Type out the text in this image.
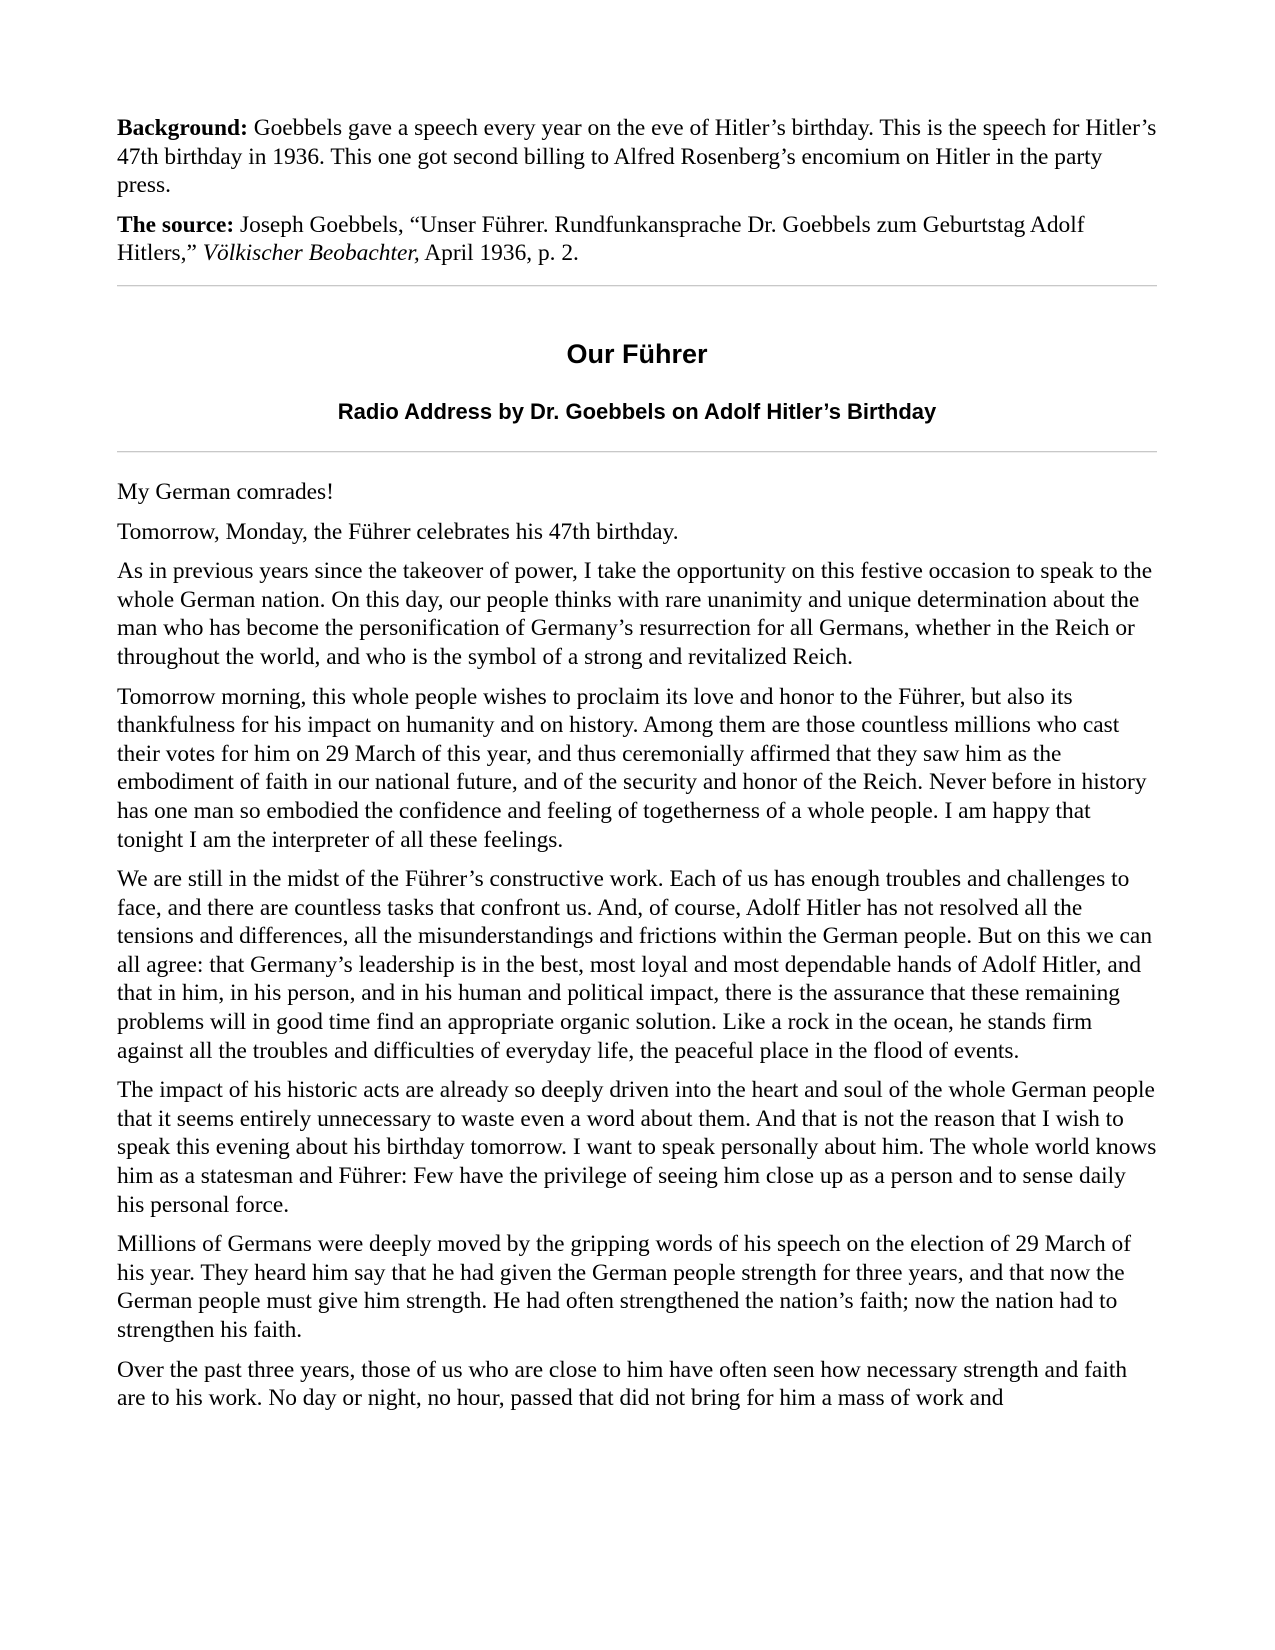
Background: Goebbels gave a speech every year on the eve of Hitler’s birthday. This is the speech for Hitler’s 47th birthday in 1936. This one got second billing to Alfred Rosenberg’s encomium on Hitler in the party press.

The source: Joseph Goebbels, “Unser Führer. Rundfunkansprache Dr. Goebbels zum Geburtstag Adolf Hitlers,” Völkischer Beobachter, April 1936, p. 2.

Our Führer
Radio Address by Dr. Goebbels on Adolf Hitler’s Birthday

My German comrades!

Tomorrow, Monday, the Führer celebrates his 47th birthday.

As in previous years since the takeover of power, I take the opportunity on this festive occasion to speak to the whole German nation. On this day, our people thinks with rare unanimity and unique determination about the man who has become the personification of Germany’s resurrection for all Germans, whether in the Reich or throughout the world, and who is the symbol of a strong and revitalized Reich.

Tomorrow morning, this whole people wishes to proclaim its love and honor to the Führer, but also its thankfulness for his impact on humanity and on history. Among them are those countless millions who cast their votes for him on 29 March of this year, and thus ceremonially affirmed that they saw him as the embodiment of faith in our national future, and of the security and honor of the Reich. Never before in history has one man so embodied the confidence and feeling of togetherness of a whole people. I am happy that tonight I am the interpreter of all these feelings.

We are still in the midst of the Führer’s constructive work. Each of us has enough troubles and challenges to face, and there are countless tasks that confront us. And, of course, Adolf Hitler has not resolved all the tensions and differences, all the misunderstandings and frictions within the German people. But on this we can all agree: that Germany’s leadership is in the best, most loyal and most dependable hands of Adolf Hitler, and that in him, in his person, and in his human and political impact, there is the assurance that these remaining problems will in good time find an appropriate organic solution. Like a rock in the ocean, he stands firm against all the troubles and difficulties of everyday life, the peaceful place in the flood of events.

The impact of his historic acts are already so deeply driven into the heart and soul of the whole German people that it seems entirely unnecessary to waste even a word about them. And that is not the reason that I wish to speak this evening about his birthday tomorrow. I want to speak personally about him. The whole world knows him as a statesman and Führer: Few have the privilege of seeing him close up as a person and to sense daily his personal force.

Millions of Germans were deeply moved by the gripping words of his speech on the election of 29 March of his year. They heard him say that he had given the German people strength for three years, and that now the German people must give him strength. He had often strengthened the nation’s faith; now the nation had to strengthen his faith.

Over the past three years, those of us who are close to him have often seen how necessary strength and faith are to his work. No day or night, no hour, passed that did not bring for him a mass of work and
